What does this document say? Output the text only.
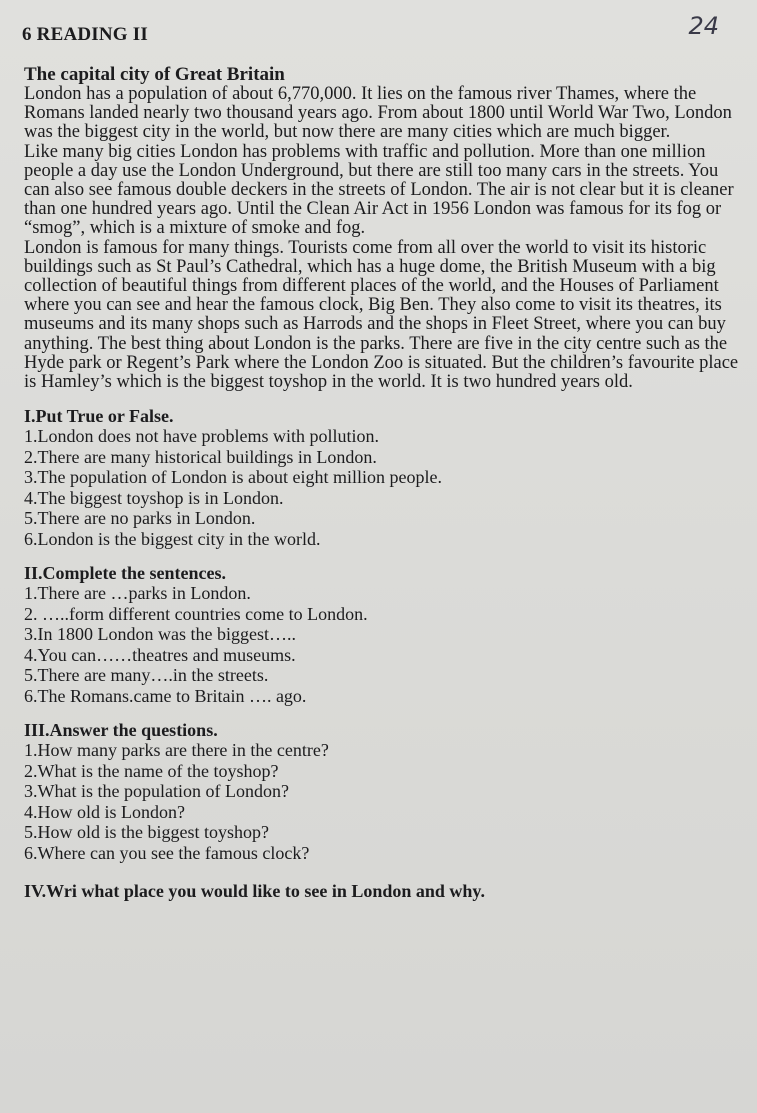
6 READING II	24

The capital city of Great Britain

London has a population of about 6,770,000. It lies on the famous river Thames, where the Romans landed nearly two thousand years ago. From about 1800 until World War Two, London was the biggest city in the world, but now there are many cities which are much bigger.

Like many big cities London has problems with traffic and pollution. More than one million people a day use the London Underground, but there are still too many cars in the streets. You can also see famous double deckers in the streets of London. The air is not clear but it is cleaner than one hundred years ago. Until the Clean Air Act in 1956 London was famous for its fog or “smog”, which is a mixture of smoke and fog.

London is famous for many things. Tourists come from all over the world to visit its historic buildings such as St Paul’s Cathedral, which has a huge dome, the British Museum with a big collection of beautiful things from different places of the world, and the Houses of Parliament where you can see and hear the famous clock, Big Ben. They also come to visit its theatres, its museums and its many shops such as Harrods and the shops in Fleet Street, where you can buy anything. The best thing about London is the parks. There are five in the city centre such as the Hyde park or Regent’s Park where the London Zoo is situated. But the children’s favourite place is Hamley’s which is the biggest toyshop in the world. It is two hundred years old.

I.Put True or False.

1.London does not have problems with pollution.
2.There are many historical buildings in London.
3.The population of London is about eight million people.
4.The biggest toyshop is in London.
5.There are no parks in London.
6.London is the biggest city in the world.

II.Complete the sentences.

1.There are …parks in London.
2. …..form different countries come to London.
3.In 1800 London was the biggest…..
4.You can……theatres and museums.
5.There are many….in the streets.
6.The Romans.came to Britain …. ago.

III.Answer the questions.

1.How many parks are there in the centre?
2.What is the name of the toyshop?
3.What is the population of London?
4.How old is London?
5.How old is the biggest toyshop?
6.Where can you see the famous clock?

IV.Wri what place you would like to see in London and why.
